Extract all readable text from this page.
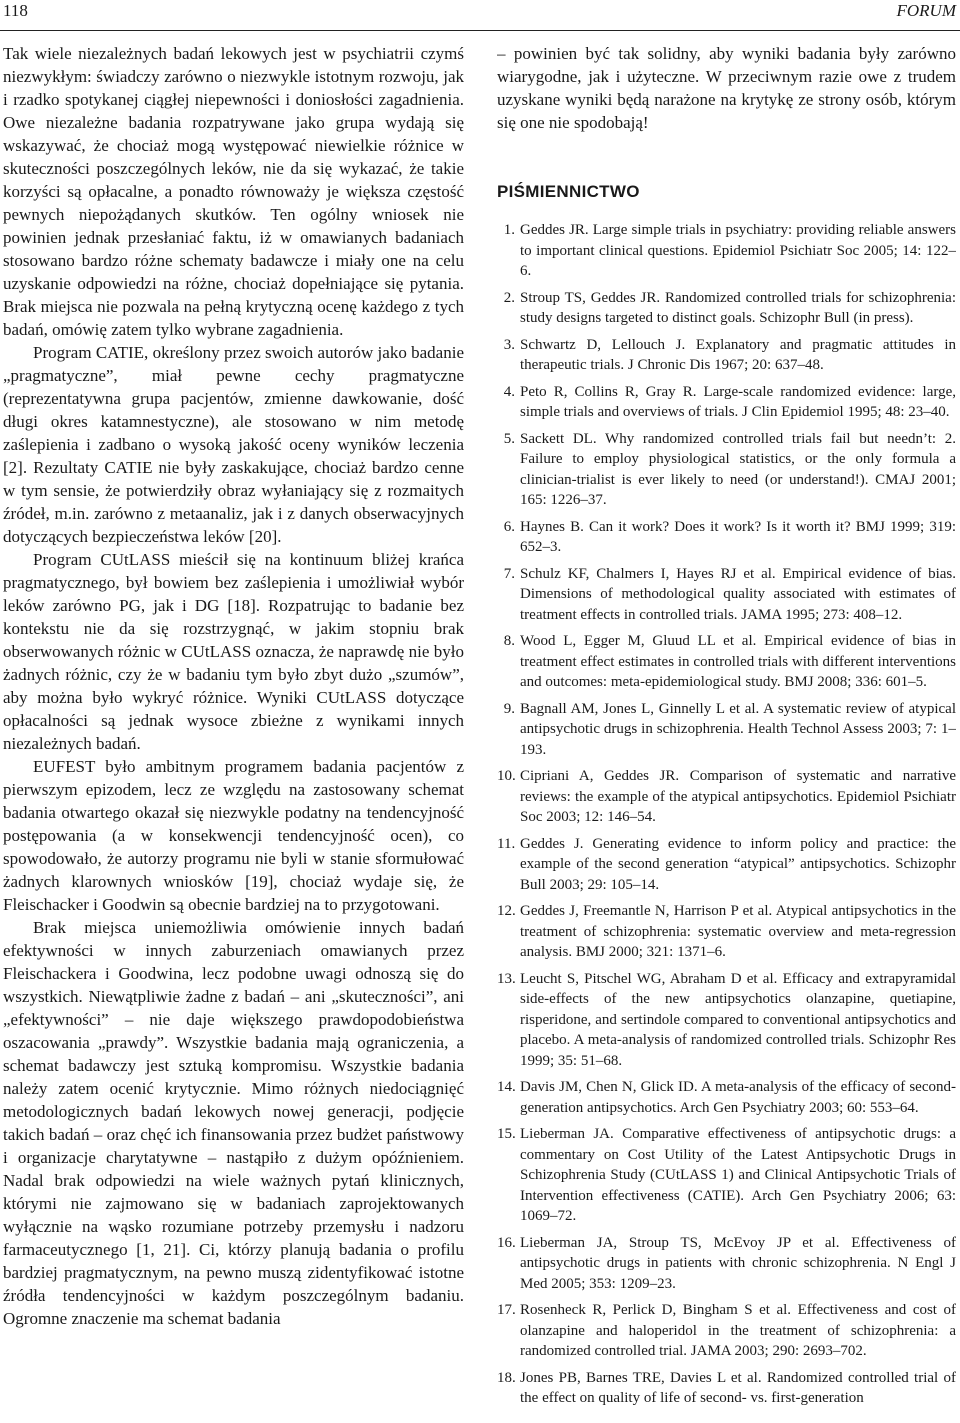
118	FORUM

Tak wiele niezależnych badań lekowych jest w psychiatrii czymś niezwykłym: świadczy zarówno o niezwykle istotnym rozwoju, jak i rzadko spotykanej ciągłej niepewności i doniosłości zagadnienia. Owe niezależne badania rozpatrywane jako grupa wydają się wskazywać, że chociaż mogą występować niewielkie różnice w skuteczności poszczególnych leków, nie da się wykazać, że takie korzyści są opłacalne, a ponadto równoważy je większa częstość pewnych niepożądanych skutków. Ten ogólny wniosek nie powinien jednak przesłaniać faktu, iż w omawianych badaniach stosowano bardzo różne schematy badawcze i miały one na celu uzyskanie odpowiedzi na różne, chociaż dopełniające się pytania. Brak miejsca nie pozwala na pełną krytyczną ocenę każdego z tych badań, omówię zatem tylko wybrane zagadnienia.

Program CATIE, określony przez swoich autorów jako badanie „pragmatyczne”, miał pewne cechy pragmatyczne (reprezentatywna grupa pacjentów, zmienne dawkowanie, dość długi okres katamnestyczne), ale stosowano w nim metodę zaślepienia i zadbano o wysoką jakość oceny wyników leczenia [2]. Rezultaty CATIE nie były zaskakujące, chociaż bardzo cenne w tym sensie, że potwierdziły obraz wyłaniający się z rozmaitych źródeł, m.in. zarówno z metaanaliz, jak i z danych obserwacyjnych dotyczących bezpieczeństwa leków [20].

Program CUtLASS mieścił się na kontinuum bliżej krańca pragmatycznego, był bowiem bez zaślepienia i umożliwiał wybór leków zarówno PG, jak i DG [18]. Rozpatrując to badanie bez kontekstu nie da się rozstrzygnąć, w jakim stopniu brak obserwowanych różnic w CUtLASS oznacza, że naprawdę nie było żadnych różnic, czy że w badaniu tym było zbyt dużo „szumów”, aby można było wykryć różnice. Wyniki CUtLASS dotyczące opłacalności są jednak wysoce zbieżne z wynikami innych niezależnych badań.

EUFEST było ambitnym programem badania pacjentów z pierwszym epizodem, lecz ze względu na zastosowany schemat badania otwartego okazał się niezwykle podatny na tendencyjność postępowania (a w konsekwencji tendencyjność ocen), co spowodowało, że autorzy programu nie byli w stanie sformułować żadnych klarownych wniosków [19], chociaż wydaje się, że Fleischacker i Goodwin są obecnie bardziej na to przygotowani.

Brak miejsca uniemożliwia omówienie innych badań efektywności w innych zaburzeniach omawianych przez Fleischackera i Goodwina, lecz podobne uwagi odnoszą się do wszystkich. Niewątpliwie żadne z badań – ani „skuteczności”, ani „efektywności” – nie daje większego prawdopodobieństwa oszacowania „prawdy”. Wszystkie badania mają ograniczenia, a schemat badawczy jest sztuką kompromisu. Wszystkie badania należy zatem ocenić krytycznie. Mimo różnych niedociągnięć metodologicznych badań lekowych nowej generacji, podjęcie takich badań – oraz chęć ich finansowania przez budżet państwowy i organizacje charytatywne – nastąpiło z dużym opóźnieniem. Nadal brak odpowiedzi na wiele ważnych pytań klinicznych, którymi nie zajmowano się w badaniach zaprojektowanych wyłącznie na wąsko rozumiane potrzeby przemysłu i nadzoru farmaceutycznego [1, 21]. Ci, którzy planują badania o profilu bardziej pragmatycznym, na pewno muszą zidentyfikować istotne źródła tendencyjności w każdym poszczególnym badaniu. Ogromne znaczenie ma schemat badania

– powinien być tak solidny, aby wyniki badania były zarówno wiarygodne, jak i użyteczne. W przeciwnym razie owe z trudem uzyskane wyniki będą narażone na krytykę ze strony osób, którym się one nie spodobają!

PIŚMIENNICTWO
1. Geddes JR. Large simple trials in psychiatry: providing reliable answers to important clinical questions. Epidemiol Psichiatr Soc 2005; 14: 122–6.
2. Stroup TS, Geddes JR. Randomized controlled trials for schizophrenia: study designs targeted to distinct goals. Schizophr Bull (in press).
3. Schwartz D, Lellouch J. Explanatory and pragmatic attitudes in therapeutic trials. J Chronic Dis 1967; 20: 637–48.
4. Peto R, Collins R, Gray R. Large-scale randomized evidence: large, simple trials and overviews of trials. J Clin Epidemiol 1995; 48: 23–40.
5. Sackett DL. Why randomized controlled trials fail but needn’t: 2. Failure to employ physiological statistics, or the only formula a clinician-trialist is ever likely to need (or understand!). CMAJ 2001; 165: 1226–37.
6. Haynes B. Can it work? Does it work? Is it worth it? BMJ 1999; 319: 652–3.
7. Schulz KF, Chalmers I, Hayes RJ et al. Empirical evidence of bias. Dimensions of methodological quality associated with estimates of treatment effects in controlled trials. JAMA 1995; 273: 408–12.
8. Wood L, Egger M, Gluud LL et al. Empirical evidence of bias in treatment effect estimates in controlled trials with different interventions and outcomes: meta-epidemiological study. BMJ 2008; 336: 601–5.
9. Bagnall AM, Jones L, Ginnelly L et al. A systematic review of atypical antipsychotic drugs in schizophrenia. Health Technol Assess 2003; 7: 1–193.
10. Cipriani A, Geddes JR. Comparison of systematic and narrative reviews: the example of the atypical antipsychotics. Epidemiol Psichiatr Soc 2003; 12: 146–54.
11. Geddes J. Generating evidence to inform policy and practice: the example of the second generation “atypical” antipsychotics. Schizophr Bull 2003; 29: 105–14.
12. Geddes J, Freemantle N, Harrison P et al. Atypical antipsychotics in the treatment of schizophrenia: systematic overview and meta-regression analysis. BMJ 2000; 321: 1371–6.
13. Leucht S, Pitschel WG, Abraham D et al. Efficacy and extrapyramidal side-effects of the new antipsychotics olanzapine, quetiapine, risperidone, and sertindole compared to conventional antipsychotics and placebo. A meta-analysis of randomized controlled trials. Schizophr Res 1999; 35: 51–68.
14. Davis JM, Chen N, Glick ID. A meta-analysis of the efficacy of second-generation antipsychotics. Arch Gen Psychiatry 2003; 60: 553–64.
15. Lieberman JA. Comparative effectiveness of antipsychotic drugs: a commentary on Cost Utility of the Latest Antipsychotic Drugs in Schizophrenia Study (CUtLASS 1) and Clinical Antipsychotic Trials of Intervention effectiveness (CATIE). Arch Gen Psychiatry 2006; 63: 1069–72.
16. Lieberman JA, Stroup TS, McEvoy JP et al. Effectiveness of antipsychotic drugs in patients with chronic schizophrenia. N Engl J Med 2005; 353: 1209–23.
17. Rosenheck R, Perlick D, Bingham S et al. Effectiveness and cost of olanzapine and haloperidol in the treatment of schizophrenia: a randomized controlled trial. JAMA 2003; 290: 2693–702.
18. Jones PB, Barnes TRE, Davies L et al. Randomized controlled trial of the effect on quality of life of second- vs. first-generation
